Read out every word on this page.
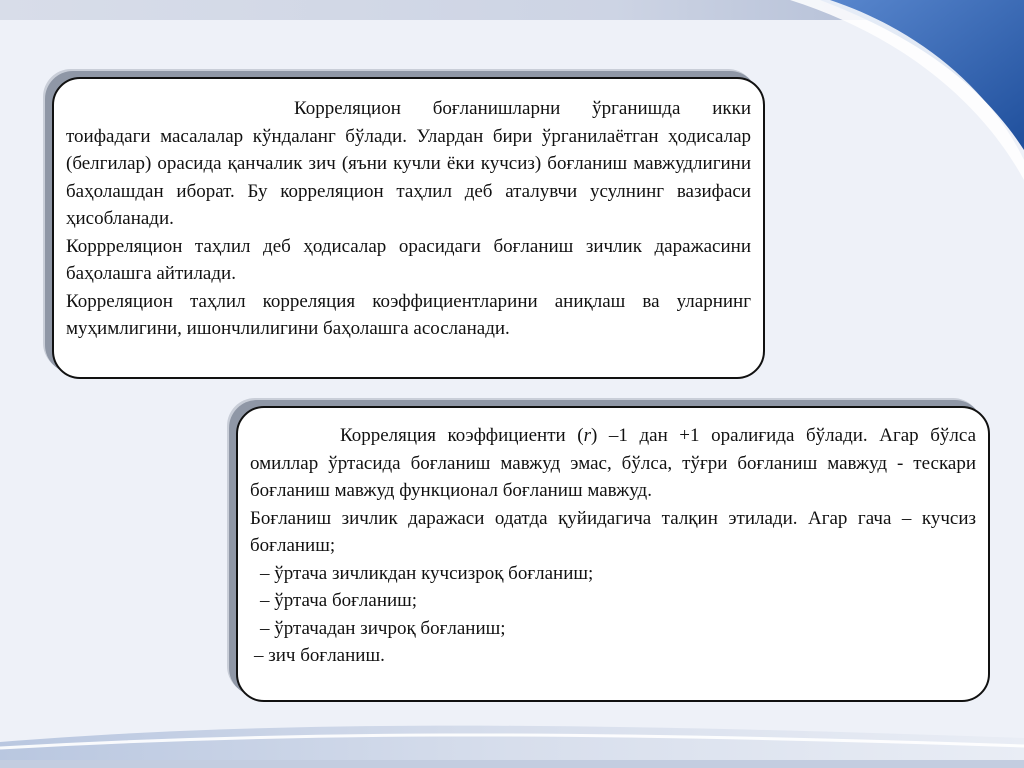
Корреляцион боғланишларни ўрганишда икки тоифадаги масалалар кўндаланг бўлади. Улардан бири ўрганилаётган ҳодисалар (белгилар) орасида қанчалик зич (яъни кучли ёки кучсиз) боғланиш мавжудлигини баҳолашдан иборат. Бу корреляцион таҳлил деб аталувчи усулнинг вазифаси ҳисобланади.

Коррреляцион таҳлил деб ҳодисалар орасидаги боғланиш зичлик даражасини баҳолашга айтилади.

Корреляцион таҳлил корреляция коэффициентларини аниқлаш ва уларнинг муҳимлигини, ишончлилигини баҳолашга асосланади.

Корреляция коэффициенти (r) –1 дан +1 оралиғида бўлади. Агар бўлса омиллар ўртасида боғланиш мавжуд эмас, бўлса, тўғри боғланиш мавжуд - тескари боғланиш мавжуд функционал боғланиш мавжуд.

Боғланиш зичлик даражаси одатда қуйидагича талқин этилади. Агар гача – кучсиз боғланиш;

– ўртача зичликдан кучсизроқ боғланиш;

– ўртача боғланиш;

– ўртачадан зичроқ боғланиш;

– зич боғланиш.
